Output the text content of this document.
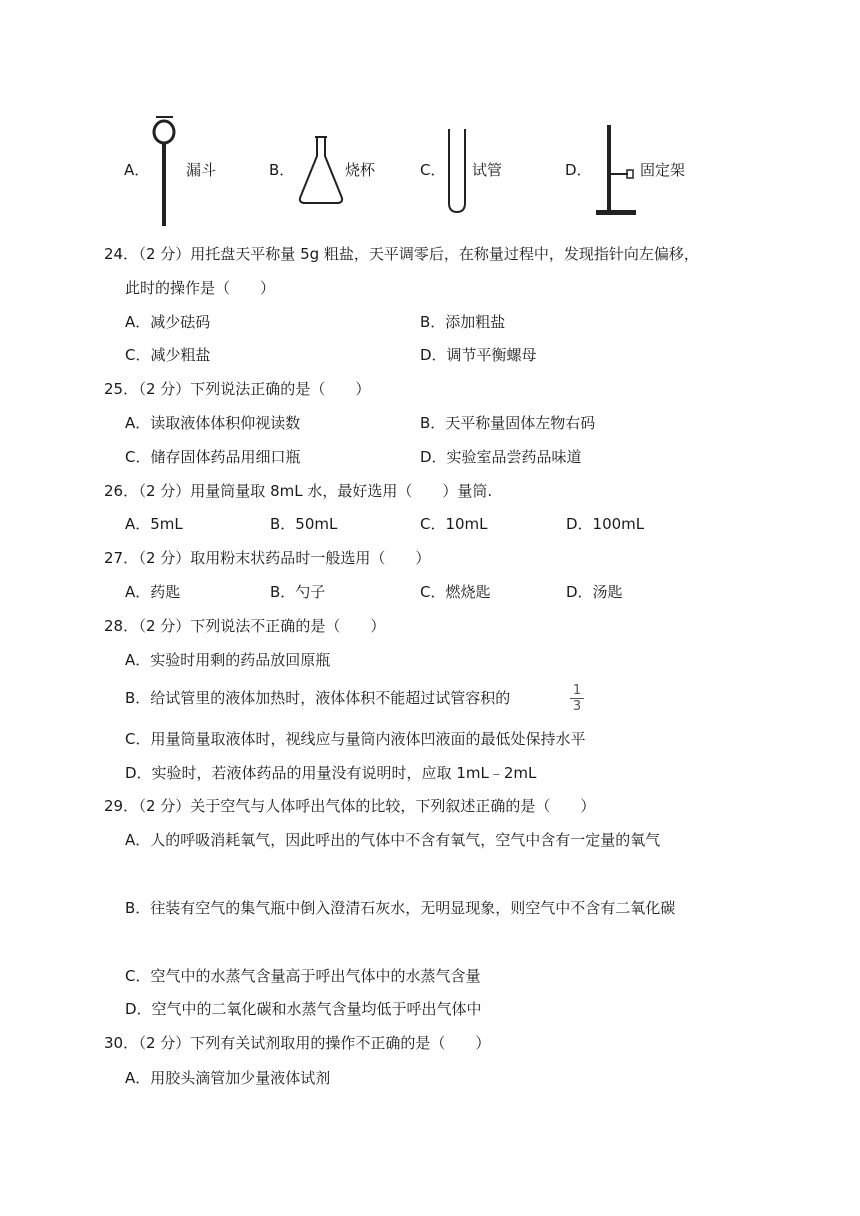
A． 漏斗	B．	烧杯	C． 试管	D．	固定架
24．
（2 分）用托盘天平称量 5g 粗盐，天平调零后，在称量过程中，发现指针向左偏移，
此时的操作是（　　）
A．减少砝码	B．添加粗盐
C．减少粗盐	D．调节平衡螺母
25．
（2 分）下列说法正确的是（　　）
A．读取液体体积仰视读数	B．天平称量固体左物右码
C．储存固体药品用细口瓶	D．实验室品尝药品味道
26．
（2 分）用量筒量取 8mL 水，最好选用（　　）量筒.
A．5mL	B．50mL	C．10mL	D．100mL
27．
（2 分）取用粉末状药品时一般选用（　　）
A．药匙	B．勺子	C．燃烧匙	D．汤匙
28．
（2 分）下列说法不正确的是（　　）
A．实验时用剩的药品放回原瓶
B．给试管里的液体加热时，液体体积不能超过试管容积的	1
3
C．用量筒量取液体时，视线应与量筒内液体凹液面的最低处保持水平
D．实验时，若液体药品的用量没有说明时，应取 1mL﹣2mL
29．
（2 分）关于空气与人体呼出气体的比较，下列叙述正确的是（　　）
A．人的呼吸消耗氧气，因此呼出的气体中不含有氧气，空气中含有一定量的氧气
B．往装有空气的集气瓶中倒入澄清石灰水，无明显现象，则空气中不含有二氧化碳
C．空气中的水蒸气含量高于呼出气体中的水蒸气含量
D．空气中的二氧化碳和水蒸气含量均低于呼出气体中
30．
（2 分）下列有关试剂取用的操作不正确的是（　　）
A．用胶头滴管加少量液体试剂
